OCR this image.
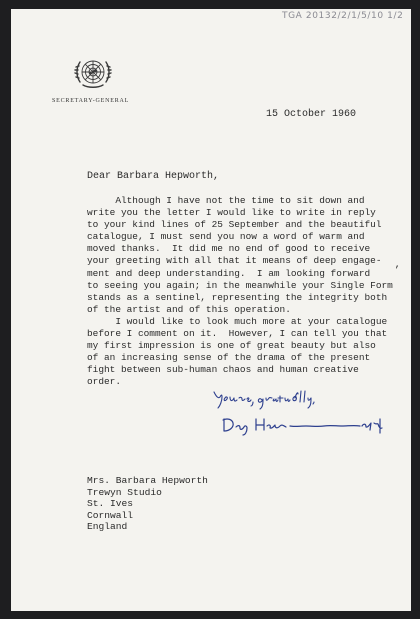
TGA 20132/2/1/5/10 1/2
SECRETARY-GENERAL
15 October 1960
Dear Barbara Hepworth,
Although I have not the time to sit down and
write you the letter I would like to write in reply
to your kind lines of 25 September and the beautiful
catalogue, I must send you now a word of warm and
moved thanks.  It did me no end of good to receive
your greeting with all that it means of deep engage-
ment and deep understanding.  I am looking forward
to seeing you again; in the meanwhile your Single Form
stands as a sentinel, representing the integrity both
of the artist and of this operation.
’
I would like to look much more at your catalogue
before I comment on it.  However, I can tell you that
my first impression is one of great beauty but also
of an increasing sense of the drama of the present
fight between sub-human chaos and human creative
order.
Mrs. Barbara Hepworth
Trewyn Studio
St. Ives
Cornwall
England
